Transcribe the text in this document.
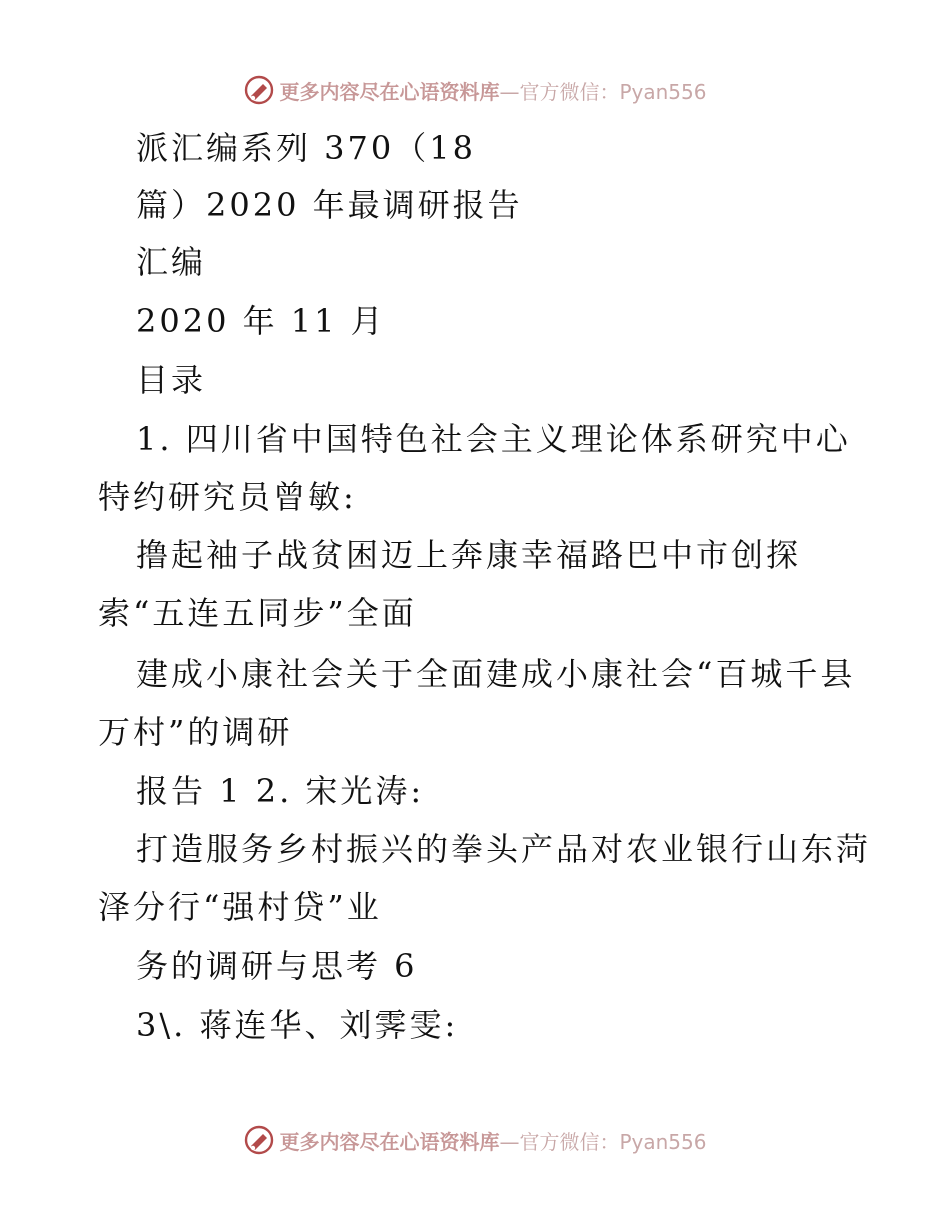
更多内容尽在心语资料库—官方微信：Pyan556
派汇编系列 370（18
篇）2020 年最调研报告
汇编
2020 年 11 月
目录
1. 四川省中国特色社会主义理论体系研究中心
特约研究员曾敏:
撸起袖子战贫困迈上奔康幸福路巴中市创探
索“五连五同步”全面
建成小康社会关于全面建成小康社会“百城千县
万村”的调研
报告 1 2. 宋光涛:
打造服务乡村振兴的拳头产品对农业银行山东菏
泽分行“强村贷”业
务的调研与思考 6
3\. 蒋连华、刘霁雯:
更多内容尽在心语资料库—官方微信：Pyan556
